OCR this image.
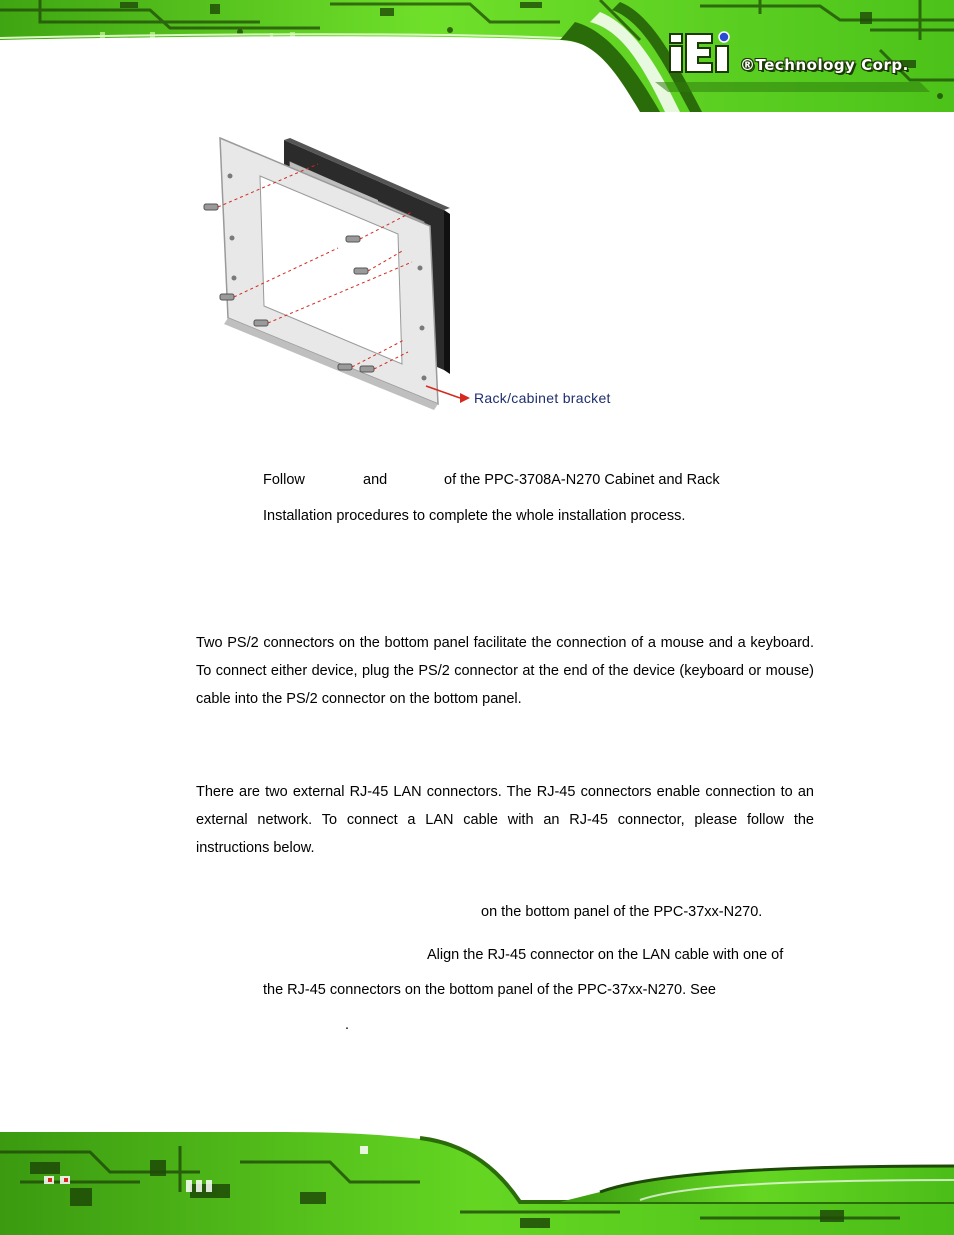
®Technology Corp.
Rack/cabinet bracket
Follow	and	of the PPC-3708A-N270 Cabinet and Rack
Installation procedures to complete the whole installation process.

Two PS/2 connectors on the bottom panel facilitate the connection of a mouse and a keyboard. To connect either device, plug the PS/2 connector at the end of the device (keyboard or mouse) cable into the PS/2 connector on the bottom panel.

There are two external RJ-45 LAN connectors. The RJ-45 connectors enable connection to an external network. To connect a LAN cable with an RJ-45 connector, please follow the instructions below.

on the bottom panel of the PPC-37xx-N270.
Align the RJ-45 connector on the LAN cable with one of
the RJ-45 connectors on the bottom panel of the PPC-37xx-N270. See
.
